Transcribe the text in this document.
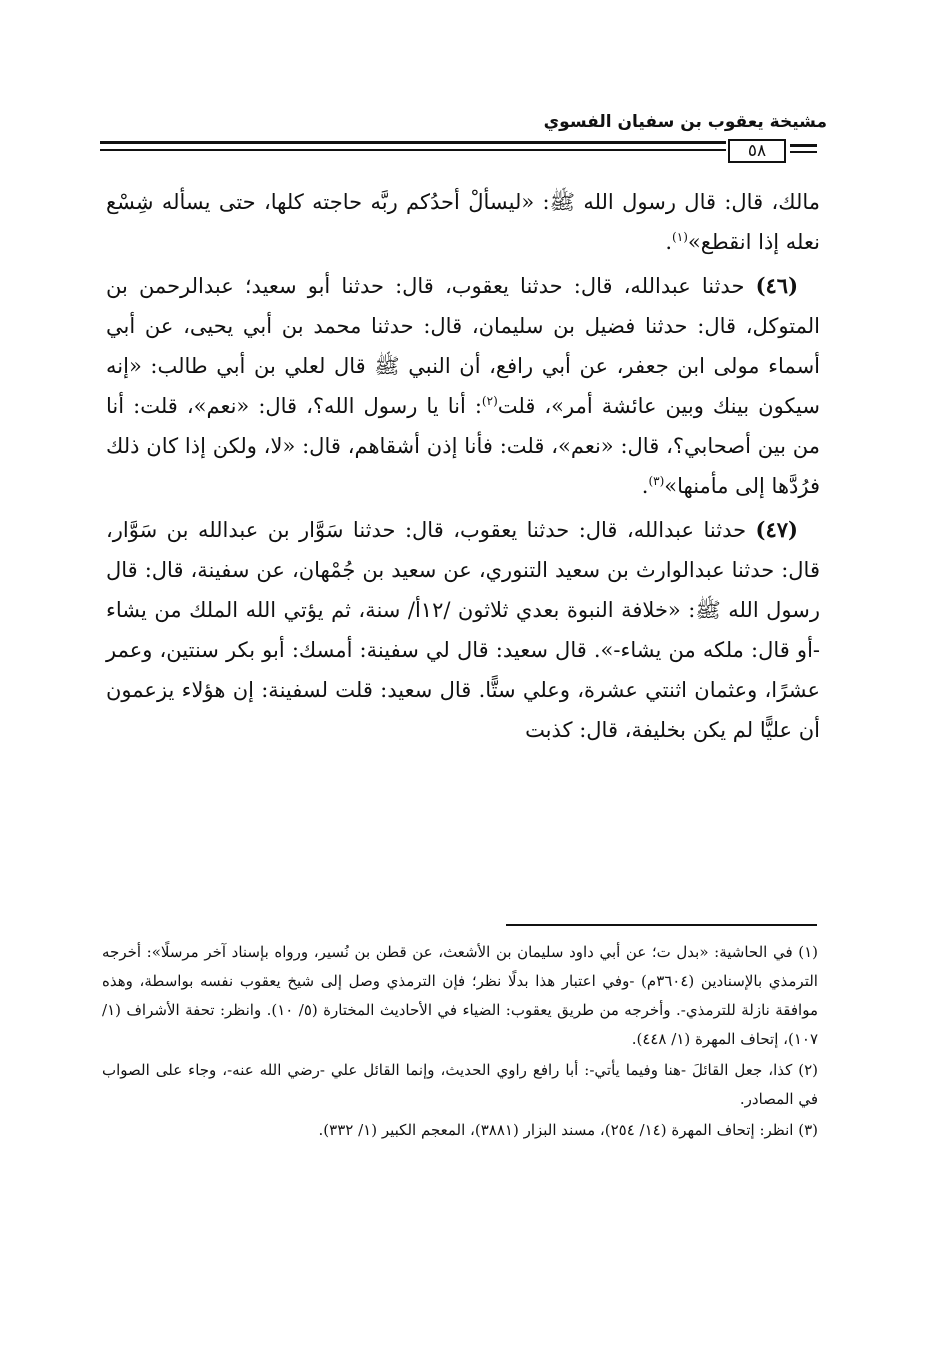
مشيخة يعقوب بن سفيان الفسوي
٥٨

مالك، قال: قال رسول الله ﷺ: «ليسألْ أحدُكم ربَّه حاجته كلها، حتى يسأله شِسْع نعله إذا انقطع»$^{(١)}$.

(٤٦) حدثنا عبدالله، قال: حدثنا يعقوب، قال: حدثنا أبو سعيد؛ عبدالرحمن بن المتوكل، قال: حدثنا فضيل بن سليمان، قال: حدثنا محمد بن أبي يحيى، عن أبي أسماء مولى ابن جعفر، عن أبي رافع، أن النبي ﷺ قال لعلي بن أبي طالب: «إنه سيكون بينك وبين عائشة أمر»، قلت$^{(٢)}$: أنا يا رسول الله؟، قال: «نعم»، قلت: أنا من بين أصحابي؟، قال: «نعم»، قلت: فأنا إذن أشقاهم، قال: «لا، ولكن إذا كان ذلك فرُدَّها إلى مأمنها»$^{(٣)}$.

(٤٧) حدثنا عبدالله، قال: حدثنا يعقوب، قال: حدثنا سَوَّار بن عبدالله بن سَوَّار، قال: حدثنا عبدالوارث بن سعيد التنوري، عن سعيد بن جُمْهان، عن سفينة، قال: قال رسول الله ﷺ: «خلافة النبوة بعدي ثلاثون /١٢أ/ سنة، ثم يؤتي الله الملك من يشاء -أو قال: ملكه من يشاء-». قال سعيد: قال لي سفينة: أمسك: أبو بكر سنتين، وعمر عشرًا، وعثمان اثنتي عشرة، وعلي ستًّا. قال سعيد: قلت لسفينة: إن هؤلاء يزعمون أن عليًّا لم يكن بخليفة، قال: كذبت

(١) في الحاشية: «بدل ت؛ عن أبي داود سليمان بن الأشعث، عن قطن بن نُسير، ورواه بإسناد آخر مرسلًا»: أخرجه الترمذي بالإسنادين (٣٦٠٤م) -وفي اعتبار هذا بدلًا نظر؛ فإن الترمذي وصل إلى شيخ يعقوب نفسه بواسطة، وهذه موافقة نازلة للترمذي-. وأخرجه من طريق يعقوب: الضياء في الأحاديث المختارة (٥/ ١٠). وانظر: تحفة الأشراف (١/ ١٠٧)، إتحاف المهرة (١/ ٤٤٨).

(٢) كذا، جعل القائلَ -هنا وفيما يأتي-: أبا رافع راوي الحديث، وإنما القائل علي -رضي الله عنه-، وجاء على الصواب في المصادر.

(٣) انظر: إتحاف المهرة (١٤/ ٢٥٤)، مسند البزار (٣٨٨١)، المعجم الكبير (١/ ٣٣٢).
